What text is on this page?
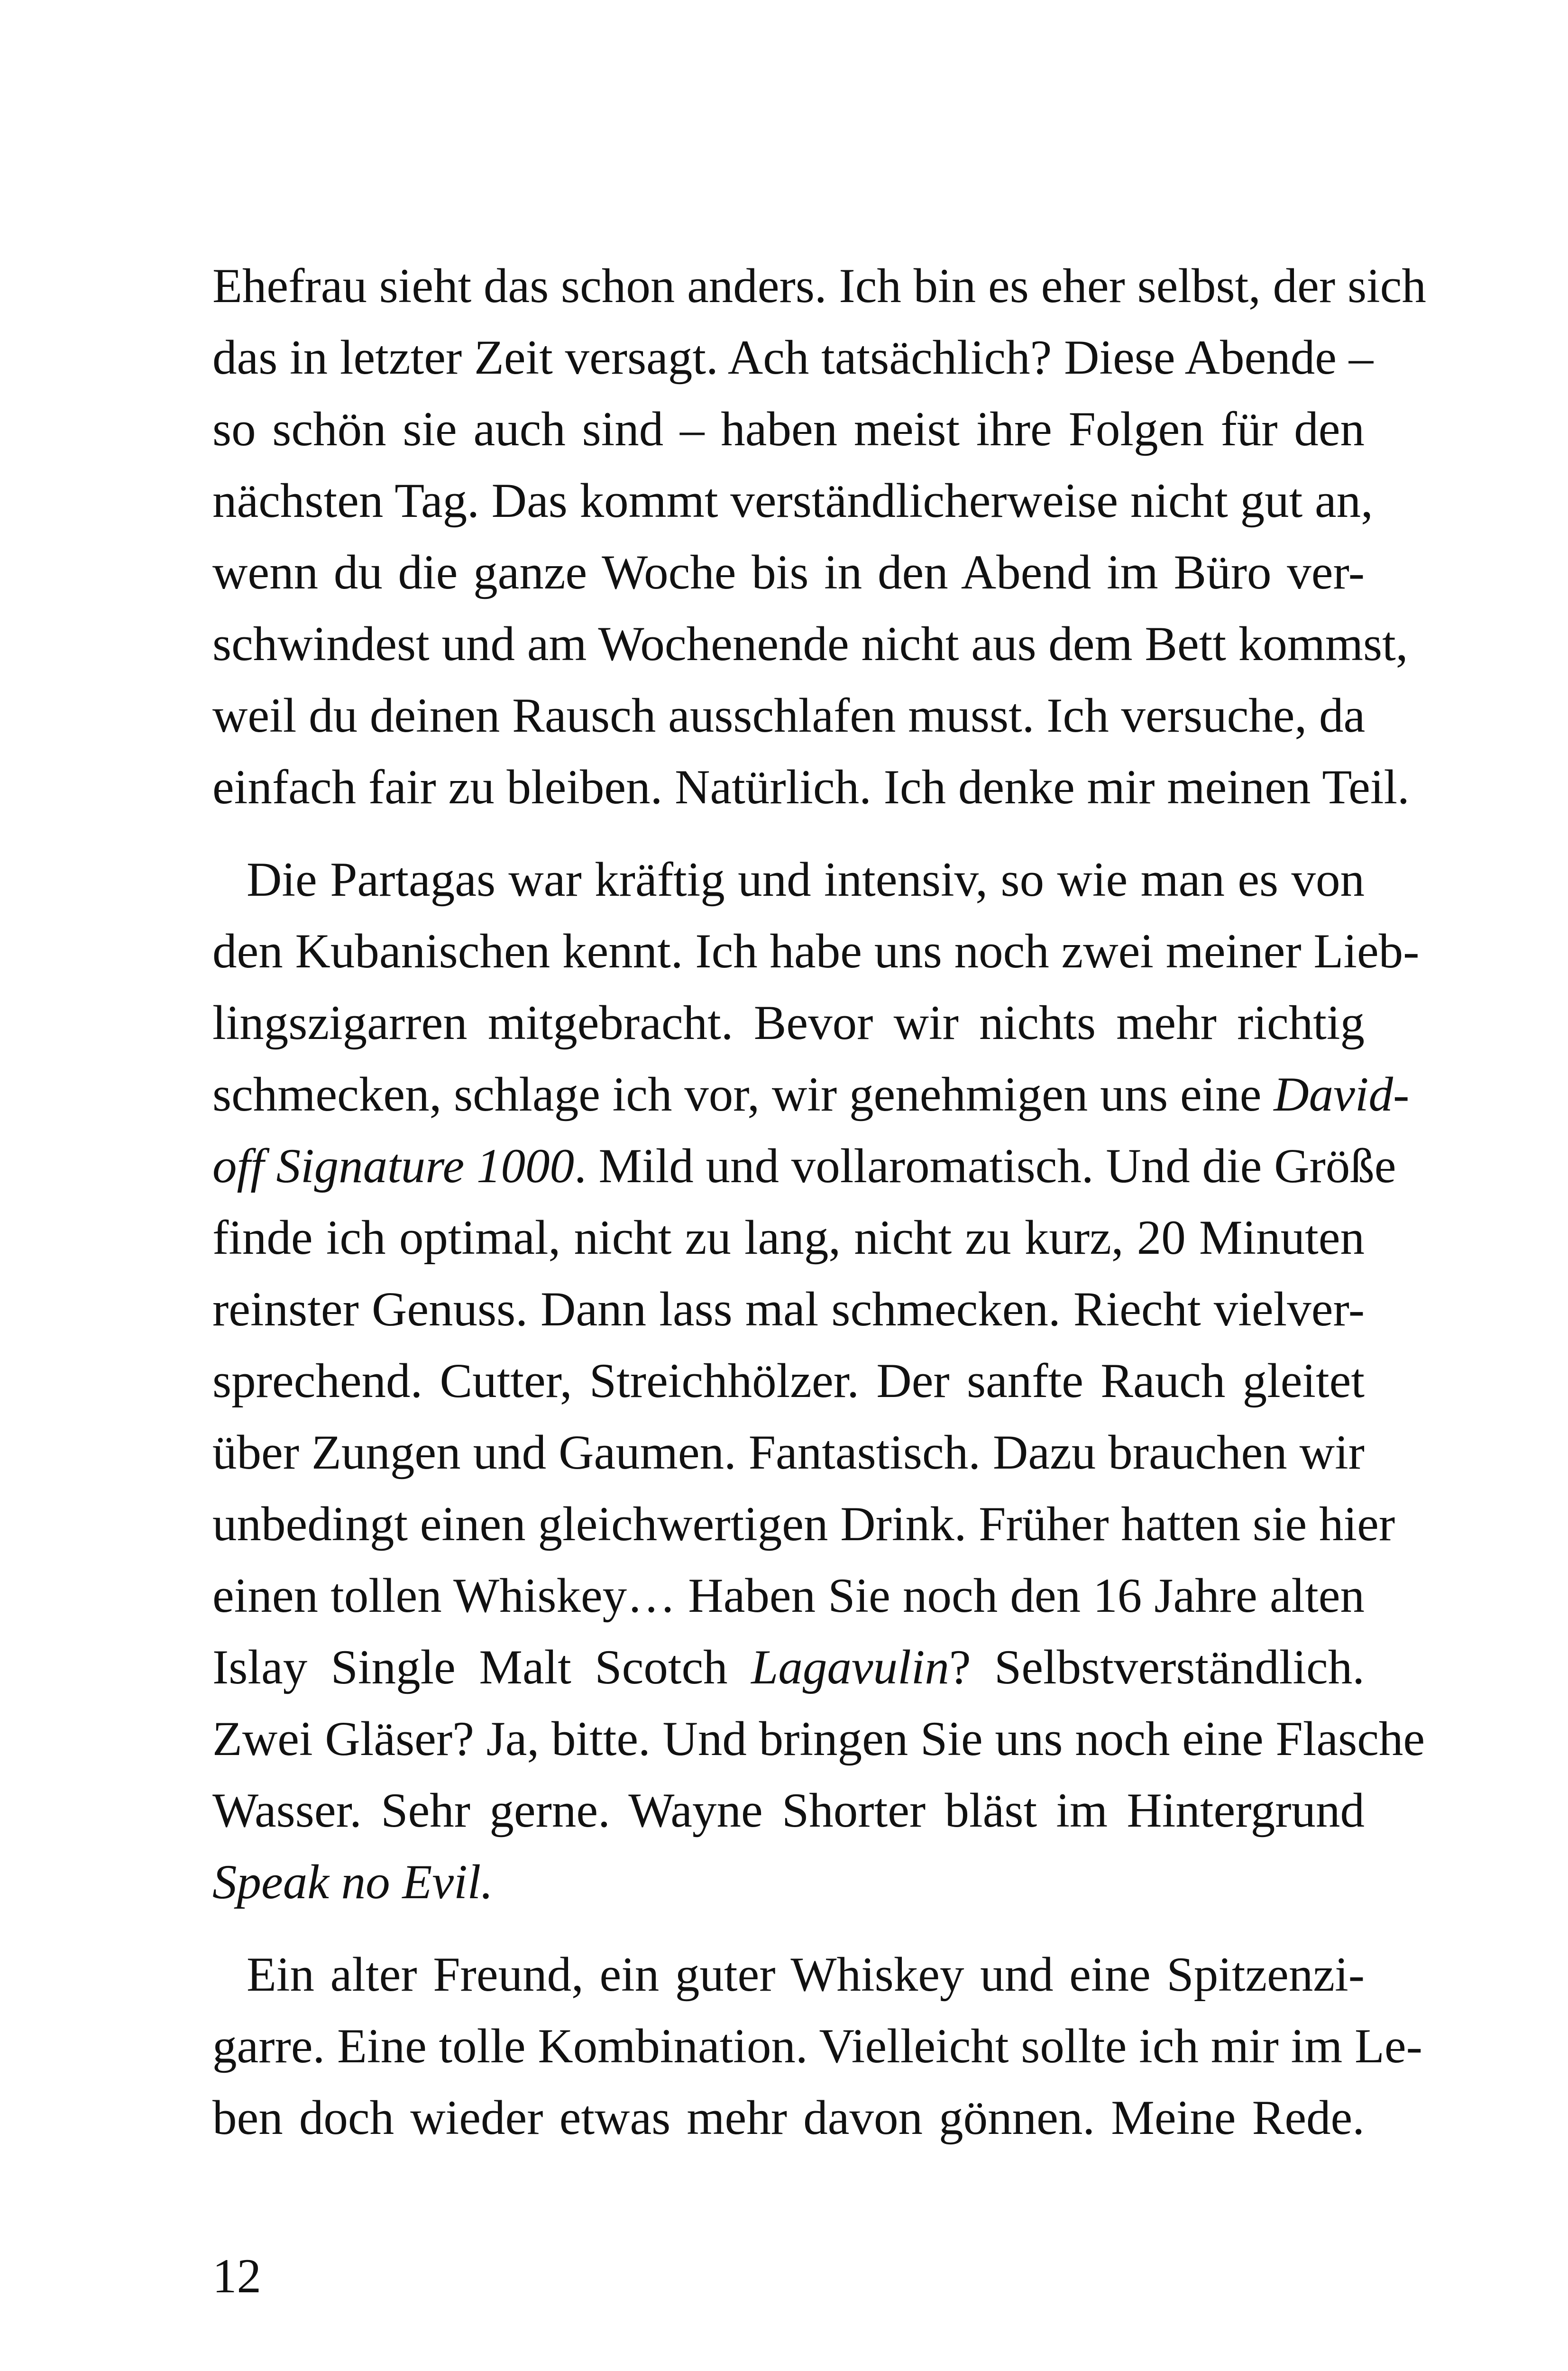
Ehefrau sieht das schon anders. Ich bin es eher selbst, der sich
das in letzter Zeit versagt. Ach tatsächlich? Diese Abende –
so schön sie auch sind – haben meist ihre Folgen für den
nächsten Tag. Das kommt verständlicherweise nicht gut an,
wenn du die ganze Woche bis in den Abend im Büro ver-
schwindest und am Wochenende nicht aus dem Bett kommst,
weil du deinen Rausch ausschlafen musst. Ich versuche, da
einfach fair zu bleiben. Natürlich. Ich denke mir meinen Teil.

Die Partagas war kräftig und intensiv, so wie man es von
den Kubanischen kennt. Ich habe uns noch zwei meiner Lieb-
lingszigarren mitgebracht. Bevor wir nichts mehr richtig
schmecken, schlage ich vor, wir genehmigen uns eine David-
off Signature 1000. Mild und vollaromatisch. Und die Größe
finde ich optimal, nicht zu lang, nicht zu kurz, 20 Minuten
reinster Genuss. Dann lass mal schmecken. Riecht vielver-
sprechend. Cutter, Streichhölzer. Der sanfte Rauch gleitet
über Zungen und Gaumen. Fantastisch. Dazu brauchen wir
unbedingt einen gleichwertigen Drink. Früher hatten sie hier
einen tollen Whiskey… Haben Sie noch den 16 Jahre alten
Islay Single Malt Scotch Lagavulin? Selbstverständlich.
Zwei Gläser? Ja, bitte. Und bringen Sie uns noch eine Flasche
Wasser. Sehr gerne. Wayne Shorter bläst im Hintergrund
Speak no Evil.

Ein alter Freund, ein guter Whiskey und eine Spitzenzi-
garre. Eine tolle Kombination. Vielleicht sollte ich mir im Le-
ben doch wieder etwas mehr davon gönnen. Meine Rede.

12
